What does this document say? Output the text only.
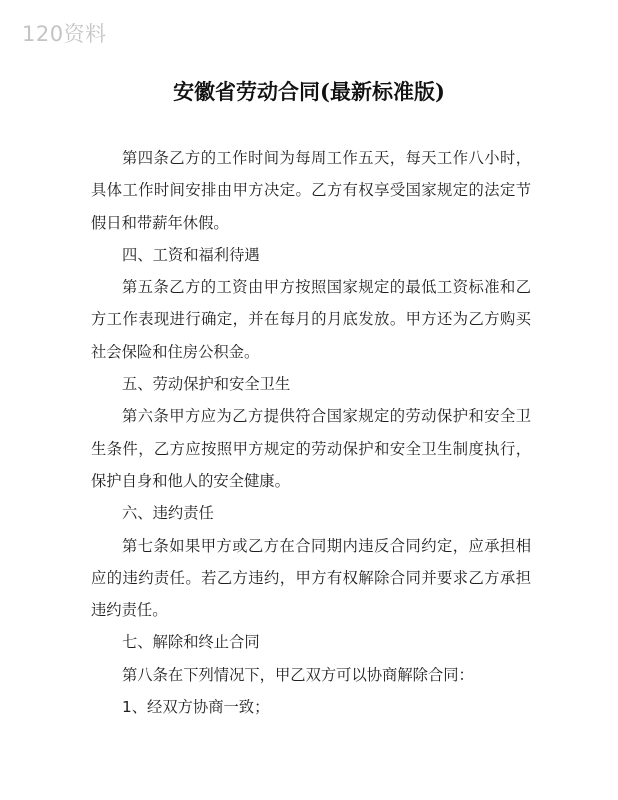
120资料
安徽省劳动合同(最新标准版)

第四条乙方的工作时间为每周工作五天，每天工作八小时，具体工作时间安排由甲方决定。乙方有权享受国家规定的法定节假日和带薪年休假。

四、工资和福利待遇

第五条乙方的工资由甲方按照国家规定的最低工资标准和乙方工作表现进行确定，并在每月的月底发放。甲方还为乙方购买社会保险和住房公积金。

五、劳动保护和安全卫生

第六条甲方应为乙方提供符合国家规定的劳动保护和安全卫生条件，乙方应按照甲方规定的劳动保护和安全卫生制度执行，保护自身和他人的安全健康。

六、违约责任

第七条如果甲方或乙方在合同期内违反合同约定，应承担相应的违约责任。若乙方违约，甲方有权解除合同并要求乙方承担违约责任。

七、解除和终止合同

第八条在下列情况下，甲乙双方可以协商解除合同：

1、经双方协商一致；
